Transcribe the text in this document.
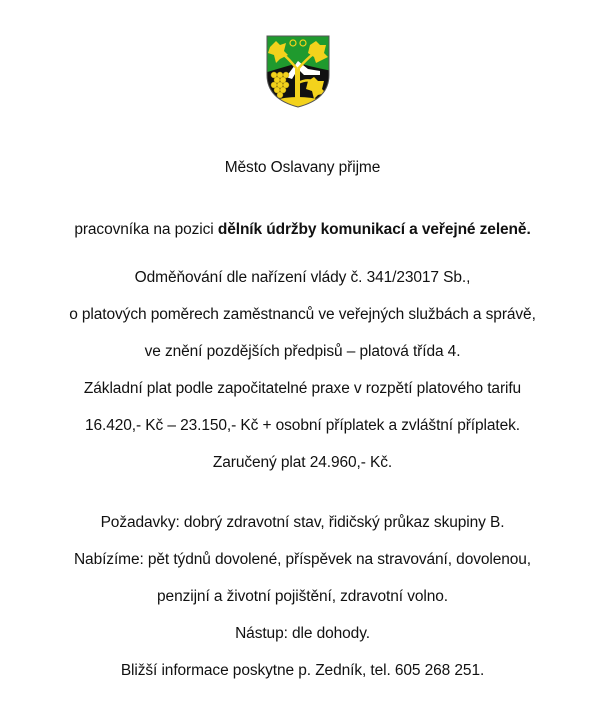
Město Oslavany přijme
pracovníka na pozici dělník údržby komunikací a veřejné zeleně.
Odměňování dle nařízení vlády č. 341/23017 Sb.,
o platových poměrech zaměstnanců ve veřejných službách a správě,
ve znění pozdějších předpisů – platová třída 4.
Základní plat podle započitatelné praxe v rozpětí platového tarifu
16.420,- Kč – 23.150,- Kč + osobní příplatek a zvláštní příplatek.
Zaručený plat 24.960,- Kč.
Požadavky: dobrý zdravotní stav, řidičský průkaz skupiny B.
Nabízíme: pět týdnů dovolené, příspěvek na stravování, dovolenou,
penzijní a životní pojištění, zdravotní volno.
Nástup: dle dohody.
Bližší informace poskytne p. Zedník, tel. 605 268 251.
